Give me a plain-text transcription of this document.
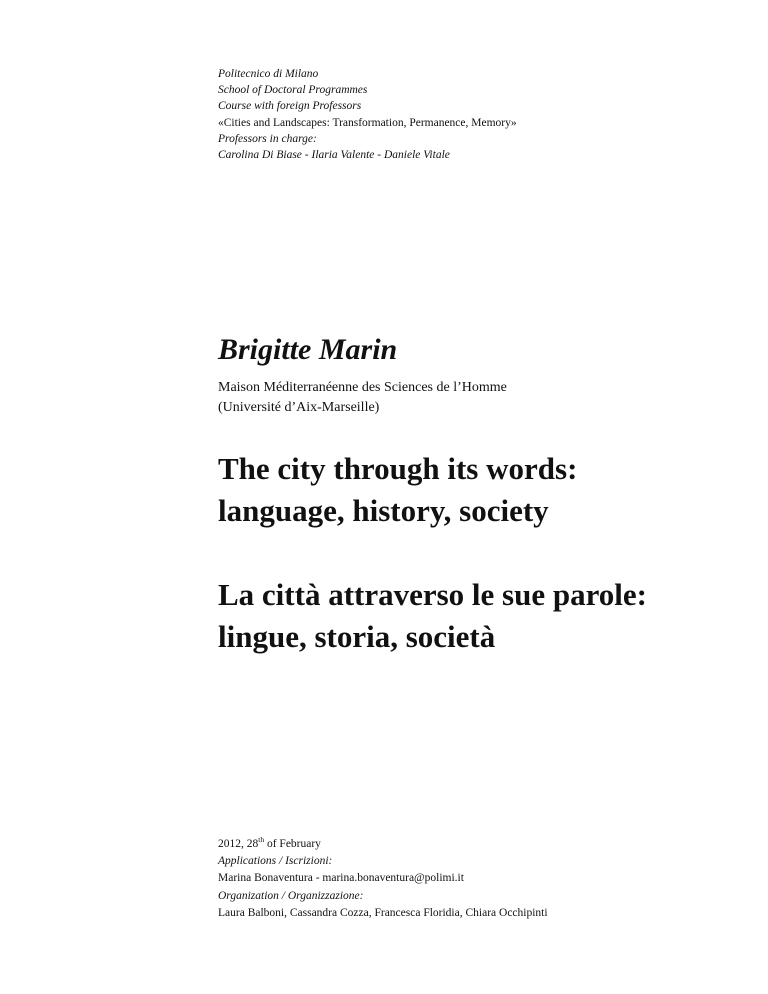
Politecnico di Milano
School of Doctoral Programmes
Course with foreign Professors
«Cities and Landscapes: Transformation, Permanence, Memory»
Professors in charge:
Carolina Di Biase - Ilaria Valente - Daniele Vitale
Brigitte Marin
Maison Méditerranéenne des Sciences de l’Homme
(Université d’Aix-Marseille)
The city through its words:
language, history, society
La città attraverso le sue parole:
lingue, storia, società
2012, 28th of February
Applications / Iscrizioni:
Marina Bonaventura - marina.bonaventura@polimi.it
Organization / Organizzazione:
Laura Balboni, Cassandra Cozza, Francesca Floridia, Chiara Occhipinti
